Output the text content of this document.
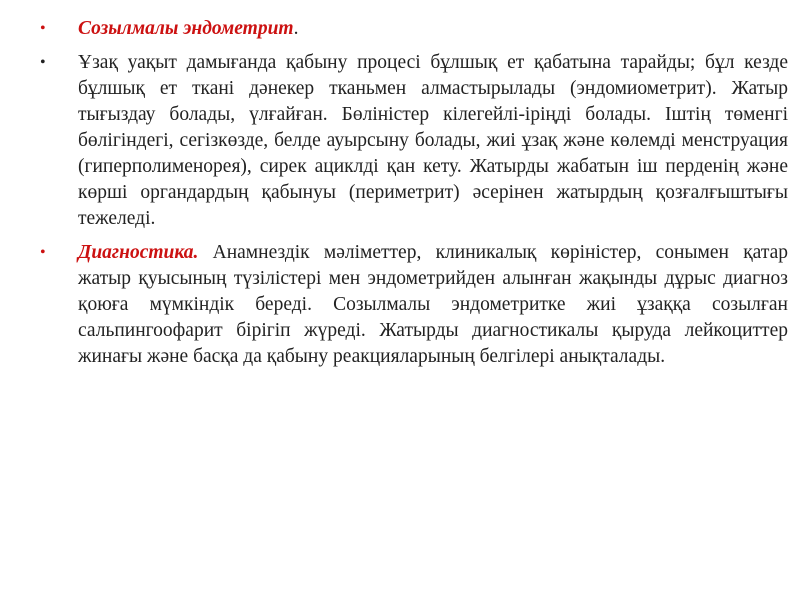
•	Созылмалы эндометрит.
•	Ұзақ уақыт дамығанда қабыну процесі бұлшық ет қабатына тарайды; бұл кезде бұлшық ет ткані дәнекер тканьмен алмастырылады (эндомиометрит). Жатыр тығыздау болады, үлғайған. Бөліністер кілегейлі-іріңді болады. Іштің төменгі бөлігіндегі, сегізкөзде, белде ауырсыну болады, жиі ұзақ және көлемді менструация (гиперполименорея), сирек ациклді қан кету. Жатырды жабатын іш перденің және көрші органдардың қабынуы (периметрит) әсерінен жатырдың қозғалғыштығы тежеледі.
•	Диагностика. Анамнездік мәліметтер, клиникалық көріністер, сонымен қатар жатыр қуысының түзілістері мен эндометрийден алынған жақынды дұрыс диагноз қоюға мүмкіндік береді. Созылмалы эндометритке жиі ұзаққа созылған сальпингоофарит бірігіп жүреді. Жатырды диагностикалы қыруда лейкоциттер жинағы және басқа да қабыну реакцияларының белгілері анықталады.
